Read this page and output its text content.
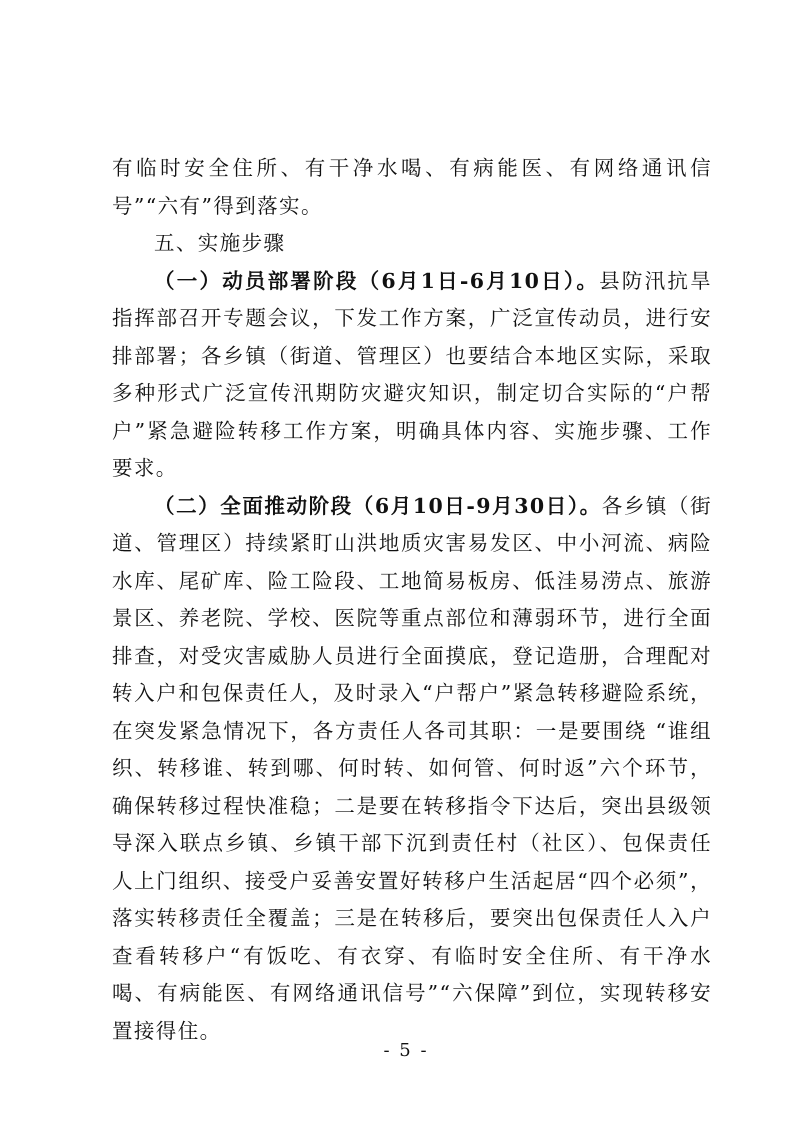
有临时安全住所、有干净水喝、有病能医、有网络通讯信号”“六有”得到落实。

五、实施步骤

（一）动员部署阶段（6月1日-6月10日）。县防汛抗旱指挥部召开专题会议，下发工作方案，广泛宣传动员，进行安排部署；各乡镇（街道、管理区）也要结合本地区实际，采取多种形式广泛宣传汛期防灾避灾知识，制定切合实际的“户帮户”紧急避险转移工作方案，明确具体内容、实施步骤、工作要求。

（二）全面推动阶段（6月10日-9月30日）。各乡镇（街道、管理区）持续紧盯山洪地质灾害易发区、中小河流、病险水库、尾矿库、险工险段、工地简易板房、低洼易涝点、旅游景区、养老院、学校、医院等重点部位和薄弱环节，进行全面排查，对受灾害威胁人员进行全面摸底，登记造册，合理配对转入户和包保责任人，及时录入“户帮户”紧急转移避险系统，在突发紧急情况下，各方责任人各司其职：一是要围绕 “谁组织、转移谁、转到哪、何时转、如何管、何时返”六个环节，确保转移过程快准稳；二是要在转移指令下达后，突出县级领导深入联点乡镇、乡镇干部下沉到责任村（社区）、包保责任人上门组织、接受户妥善安置好转移户生活起居“四个必须”，落实转移责任全覆盖；三是在转移后，要突出包保责任人入户查看转移户“有饭吃、有衣穿、有临时安全住所、有干净水喝、有病能医、有网络通讯信号”“六保障”到位，实现转移安置接得住。

- 5 -
